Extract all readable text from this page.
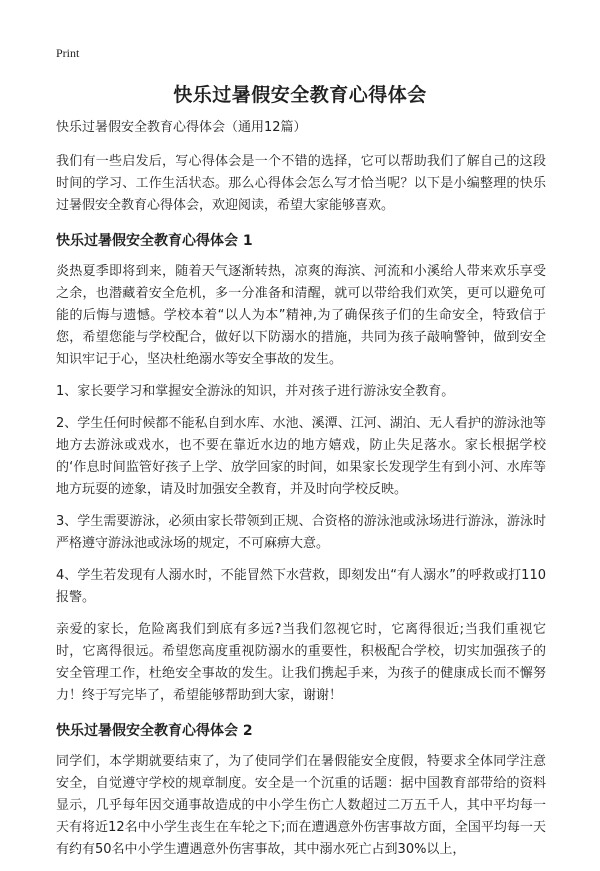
Print
快乐过暑假安全教育心得体会
快乐过暑假安全教育心得体会（通用12篇）

我们有一些启发后，写心得体会是一个不错的选择，它可以帮助我们了解自己的这段时间的学习、工作生活状态。那么心得体会怎么写才恰当呢？以下是小编整理的快乐过暑假安全教育心得体会，欢迎阅读，希望大家能够喜欢。

快乐过暑假安全教育心得体会 1

炎热夏季即将到来，随着天气逐渐转热，凉爽的海滨、河流和小溪给人带来欢乐享受之余，也潜藏着安全危机，多一分准备和清醒，就可以带给我们欢笑，更可以避免可能的后悔与遗憾。学校本着“以人为本”精神,为了确保孩子们的生命安全，特致信于您，希望您能与学校配合，做好以下防溺水的措施，共同为孩子敲响警钟，做到安全知识牢记于心，坚决杜绝溺水等安全事故的发生。

1、家长要学习和掌握安全游泳的知识，并对孩子进行游泳安全教育。

2、学生任何时候都不能私自到水库、水池、溪潭、江河、湖泊、无人看护的游泳池等地方去游泳或戏水，也不要在靠近水边的地方嬉戏，防止失足落水。家长根据学校的‘作息时间监管好孩子上学、放学回家的时间，如果家长发现学生有到小河、水库等地方玩耍的迹象，请及时加强安全教育，并及时向学校反映。

3、学生需要游泳，必须由家长带领到正规、合资格的游泳池或泳场进行游泳，游泳时严格遵守游泳池或泳场的规定，不可麻痹大意。

4、学生若发现有人溺水时，不能冒然下水营救，即刻发出“有人溺水”的呼救或打110报警。

亲爱的家长，危险离我们到底有多远?当我们忽视它时，它离得很近;当我们重视它时，它离得很远。希望您高度重视防溺水的重要性，积极配合学校，切实加强孩子的安全管理工作，杜绝安全事故的发生。让我们携起手来，为孩子的健康成长而不懈努力！终于写完毕了，希望能够帮助到大家，谢谢！

快乐过暑假安全教育心得体会 2

同学们，本学期就要结束了，为了使同学们在暑假能安全度假，特要求全体同学注意安全，自觉遵守学校的规章制度。安全是一个沉重的话题：据中国教育部带给的资料显示，几乎每年因交通事故造成的中小学生伤亡人数超过二万五千人，其中平均每一天有将近12名中小学生丧生在车轮之下;而在遭遇意外伤害事故方面，全国平均每一天有约有50名中小学生遭遇意外伤害事故，其中溺水死亡占到30%以上，
